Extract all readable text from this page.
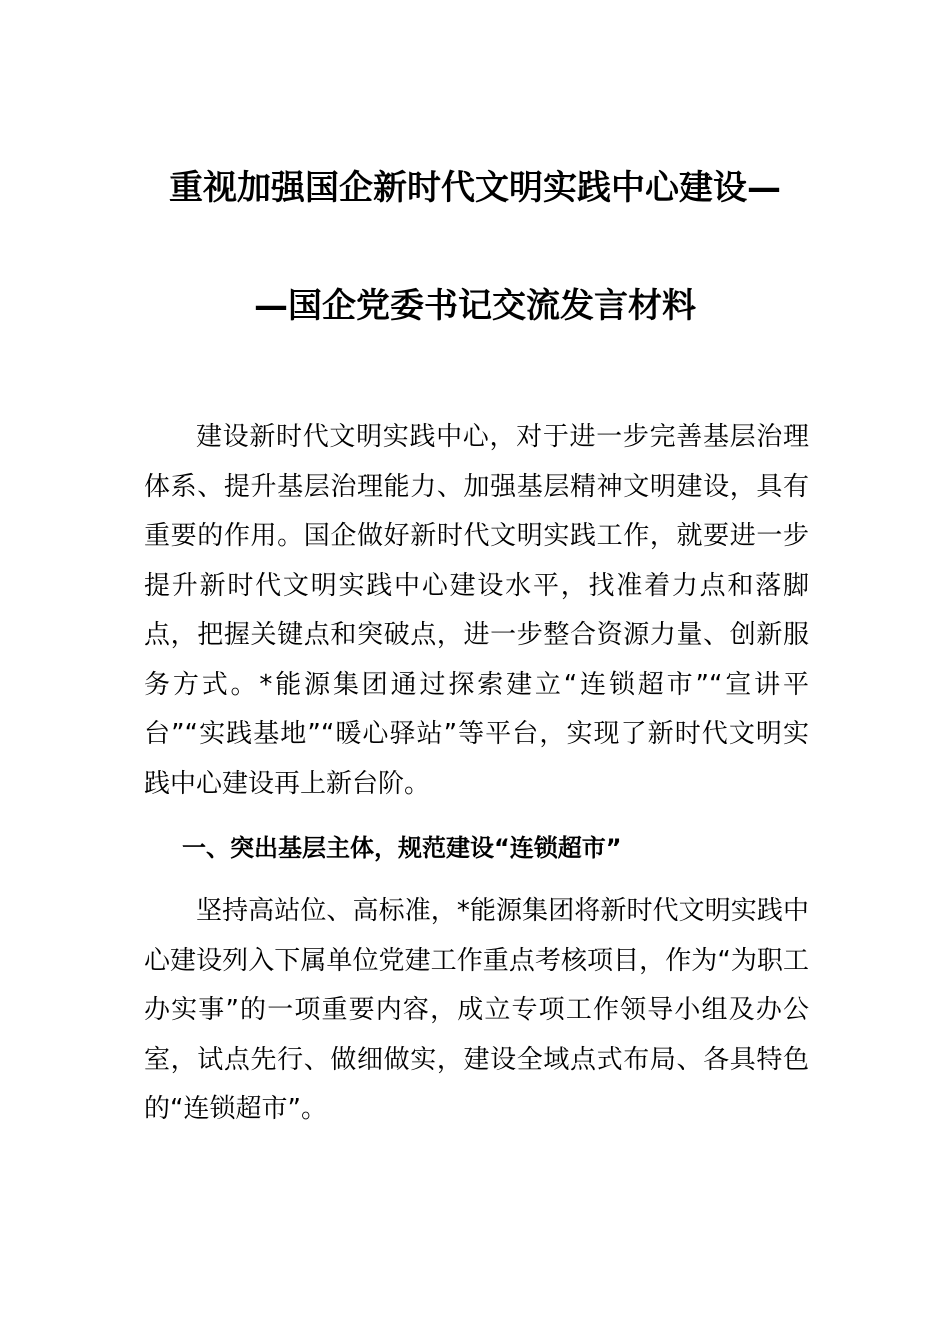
重视加强国企新时代文明实践中心建设—
—国企党委书记交流发言材料

建设新时代文明实践中心，对于进一步完善基层治理体系、提升基层治理能力、加强基层精神文明建设，具有重要的作用。国企做好新时代文明实践工作，就要进一步提升新时代文明实践中心建设水平，找准着力点和落脚点，把握关键点和突破点，进一步整合资源力量、创新服务方式。*能源集团通过探索建立“连锁超市”“宣讲平台”“实践基地”“暖心驿站”等平台，实现了新时代文明实践中心建设再上新台阶。

一、突出基层主体，规范建设“连锁超市”

坚持高站位、高标准，*能源集团将新时代文明实践中心建设列入下属单位党建工作重点考核项目，作为“为职工办实事”的一项重要内容，成立专项工作领导小组及办公室，试点先行、做细做实，建设全域点式布局、各具特色的“连锁超市”。
